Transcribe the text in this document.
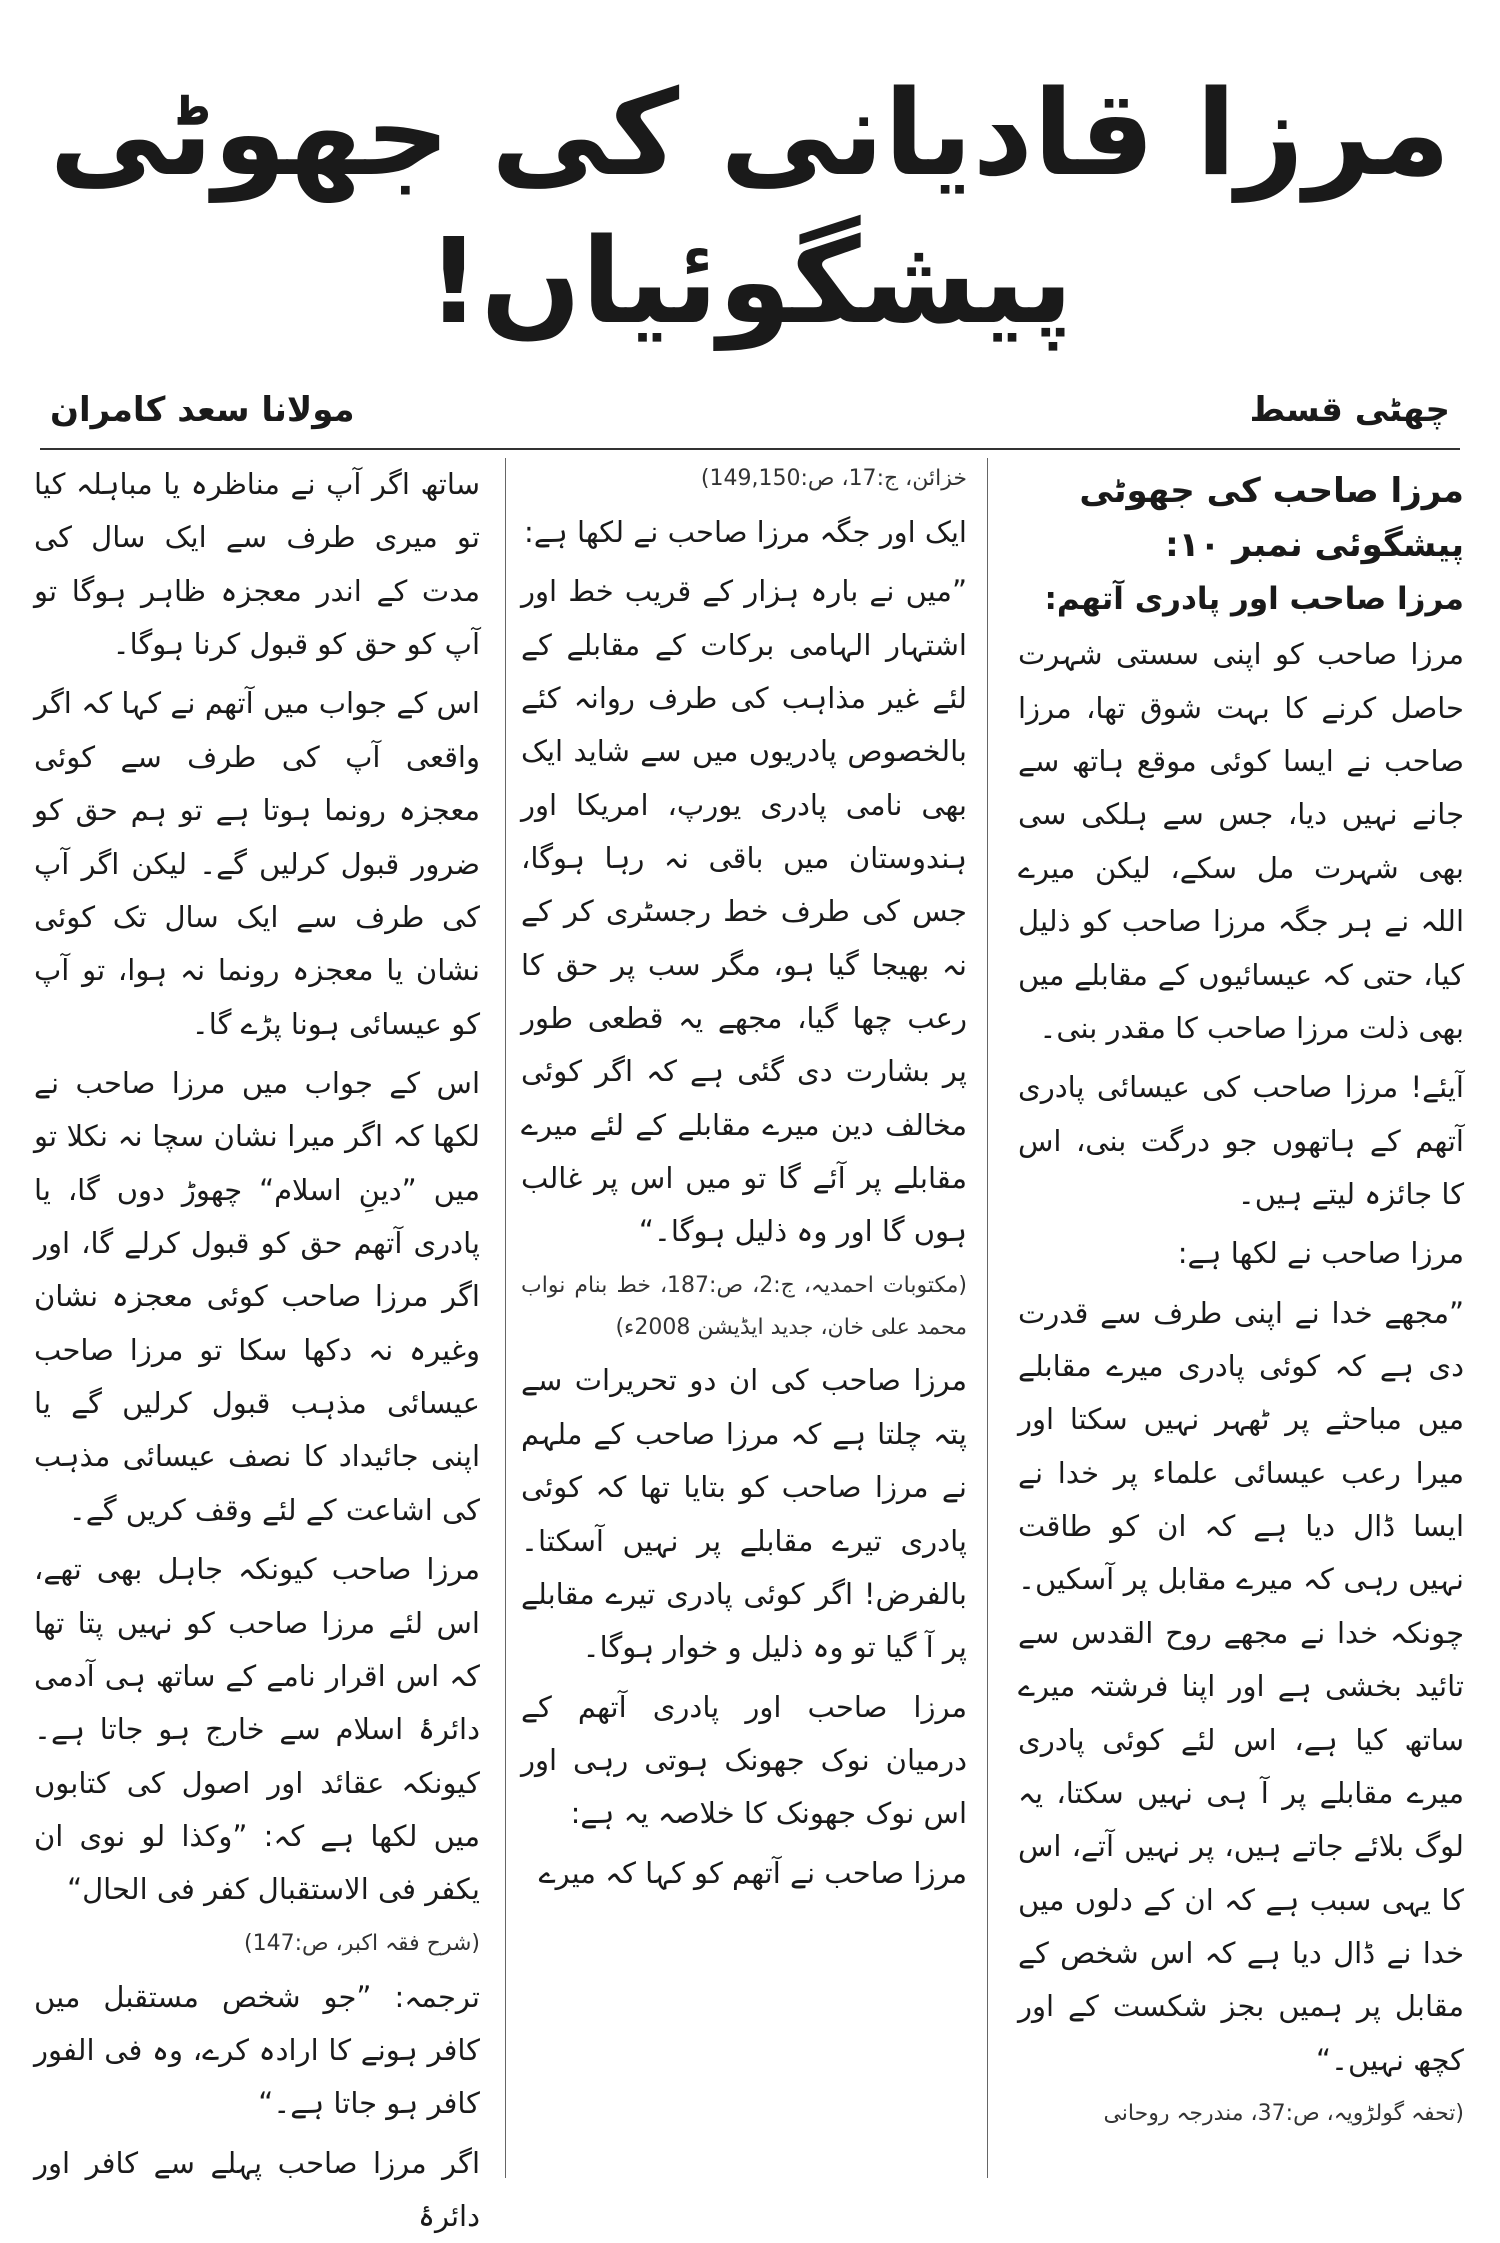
مرزا قادیانی کی جھوٹی پیشگوئیاں!
چھٹی قسط
مولانا سعد کامران
مرزا صاحب کی جھوٹی پیشگوئی نمبر ۱۰:
مرزا صاحب اور پادری آتھم:

مرزا صاحب کو اپنی سستی شہرت حاصل کرنے کا بہت شوق تھا، مرزا صاحب نے ایسا کوئی موقع ہاتھ سے جانے نہیں دیا، جس سے ہلکی سی بھی شہرت مل سکے، لیکن میرے اللہ نے ہر جگہ مرزا صاحب کو ذلیل کیا، حتی کہ عیسائیوں کے مقابلے میں بھی ذلت مرزا صاحب کا مقدر بنی۔

آیئے! مرزا صاحب کی عیسائی پادری آتھم کے ہاتھوں جو درگت بنی، اس کا جائزہ لیتے ہیں۔

مرزا صاحب نے لکھا ہے:

”مجھے خدا نے اپنی طرف سے قدرت دی ہے کہ کوئی پادری میرے مقابلے میں مباحثے پر ٹھہر نہیں سکتا اور میرا رعب عیسائی علماء پر خدا نے ایسا ڈال دیا ہے کہ ان کو طاقت نہیں رہی کہ میرے مقابل پر آسکیں۔ چونکہ خدا نے مجھے روح القدس سے تائید بخشی ہے اور اپنا فرشتہ میرے ساتھ کیا ہے، اس لئے کوئی پادری میرے مقابلے پر آ ہی نہیں سکتا، یہ لوگ بلائے جاتے ہیں، پر نہیں آتے، اس کا یہی سبب ہے کہ ان کے دلوں میں خدا نے ڈال دیا ہے کہ اس شخص کے مقابل پر ہمیں بجز شکست کے اور کچھ نہیں۔“

(تحفہ گولڑویہ، ص:37، مندرجہ روحانی

خزائن، ج:17، ص:149,150)

ایک اور جگہ مرزا صاحب نے لکھا ہے:

”میں نے بارہ ہزار کے قریب خط اور اشتہار الہامی برکات کے مقابلے کے لئے غیر مذاہب کی طرف روانہ کئے بالخصوص پادریوں میں سے شاید ایک بھی نامی پادری یورپ، امریکا اور ہندوستان میں باقی نہ رہا ہوگا، جس کی طرف خط رجسٹری کر کے نہ بھیجا گیا ہو، مگر سب پر حق کا رعب چھا گیا، مجھے یہ قطعی طور پر بشارت دی گئی ہے کہ اگر کوئی مخالف دین میرے مقابلے کے لئے میرے مقابلے پر آئے گا تو میں اس پر غالب ہوں گا اور وہ ذلیل ہوگا۔“

(مکتوبات احمدیہ، ج:2، ص:187، خط بنام نواب محمد علی خان، جدید ایڈیشن 2008ء)

مرزا صاحب کی ان دو تحریرات سے پتہ چلتا ہے کہ مرزا صاحب کے ملہم نے مرزا صاحب کو بتایا تھا کہ کوئی پادری تیرے مقابلے پر نہیں آسکتا۔ بالفرض! اگر کوئی پادری تیرے مقابلے پر آ گیا تو وہ ذلیل و خوار ہوگا۔

مرزا صاحب اور پادری آتھم کے درمیان نوک جھونک ہوتی رہی اور اس نوک جھونک کا خلاصہ یہ ہے:

مرزا صاحب نے آتھم کو کہا کہ میرے

ساتھ اگر آپ نے مناظرہ یا مباہلہ کیا تو میری طرف سے ایک سال کی مدت کے اندر معجزہ ظاہر ہوگا تو آپ کو حق کو قبول کرنا ہوگا۔

اس کے جواب میں آتھم نے کہا کہ اگر واقعی آپ کی طرف سے کوئی معجزہ رونما ہوتا ہے تو ہم حق کو ضرور قبول کرلیں گے۔ لیکن اگر آپ کی طرف سے ایک سال تک کوئی نشان یا معجزہ رونما نہ ہوا، تو آپ کو عیسائی ہونا پڑے گا۔

اس کے جواب میں مرزا صاحب نے لکھا کہ اگر میرا نشان سچا نہ نکلا تو میں ”دینِ اسلام“ چھوڑ دوں گا، یا پادری آتھم حق کو قبول کرلے گا، اور اگر مرزا صاحب کوئی معجزہ نشان وغیرہ نہ دکھا سکا تو مرزا صاحب عیسائی مذہب قبول کرلیں گے یا اپنی جائیداد کا نصف عیسائی مذہب کی اشاعت کے لئے وقف کریں گے۔

مرزا صاحب کیونکہ جاہل بھی تھے، اس لئے مرزا صاحب کو نہیں پتا تھا کہ اس اقرار نامے کے ساتھ ہی آدمی دائرۂ اسلام سے خارج ہو جاتا ہے۔ کیونکہ عقائد اور اصول کی کتابوں میں لکھا ہے کہ: ”وکذا لو نوی ان یکفر فی الاستقبال کفر فی الحال“

(شرح فقہ اکبر، ص:147)

ترجمہ: ”جو شخص مستقبل میں کافر ہونے کا ارادہ کرے، وہ فی الفور کافر ہو جاتا ہے۔“

اگر مرزا صاحب پہلے سے کافر اور دائرۂ
